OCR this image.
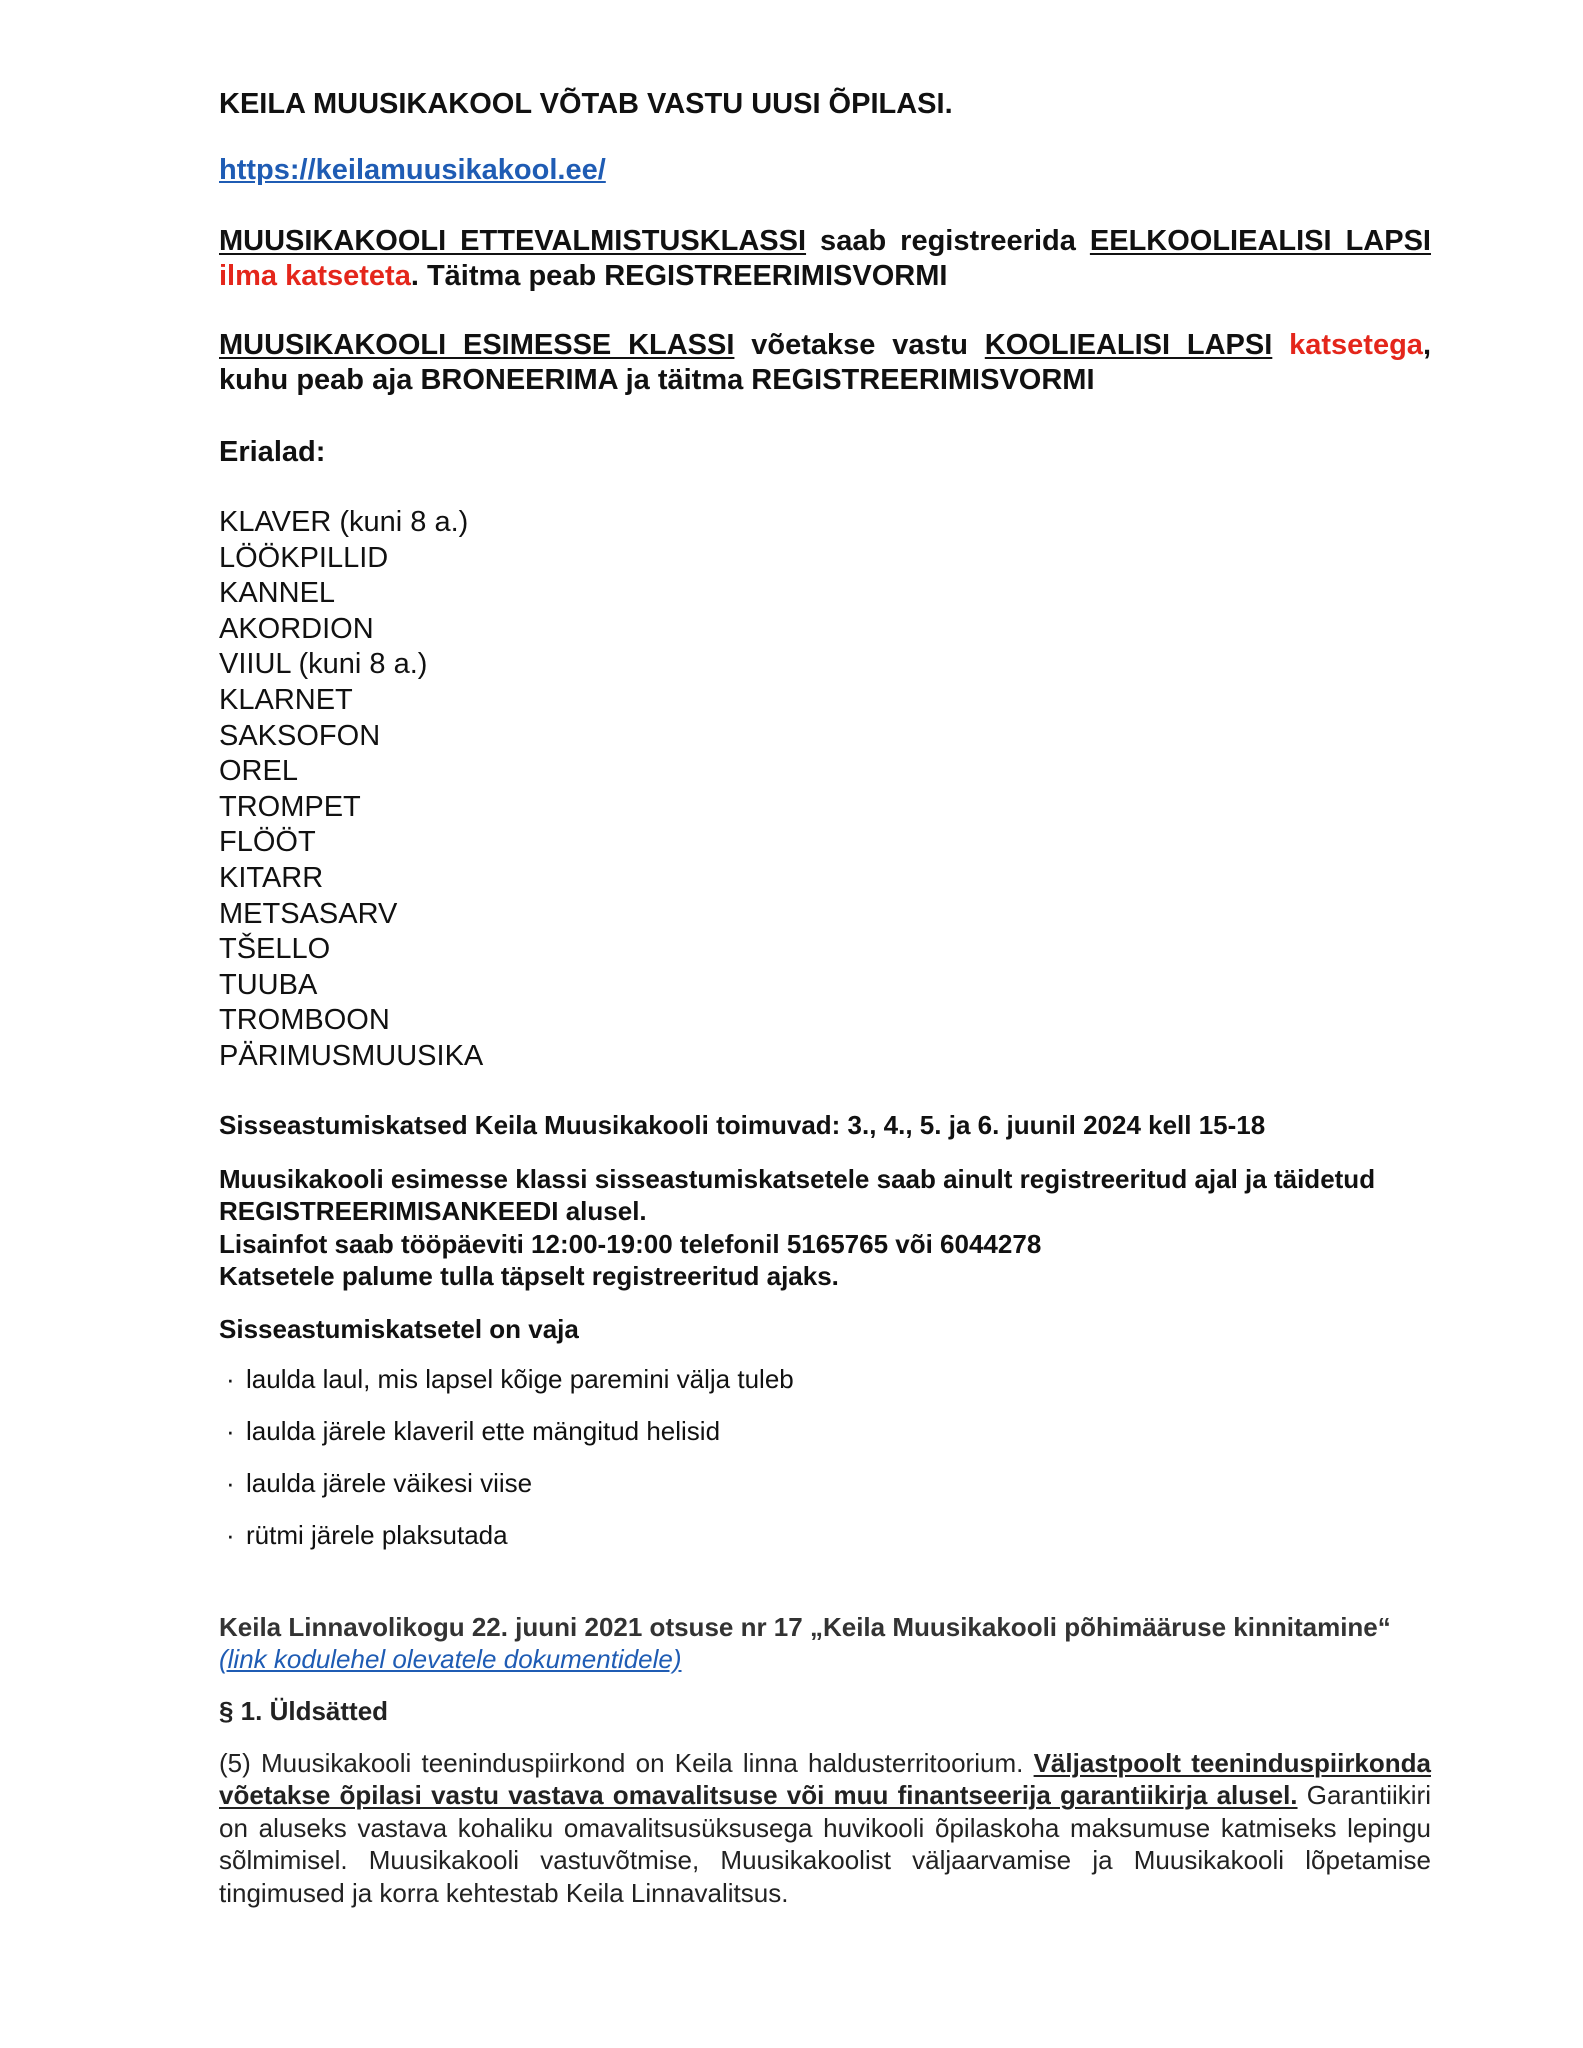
KEILA MUUSIKAKOOL VÕTAB VASTU UUSI ÕPILASI.

https://keilamuusikakool.ee/

MUUSIKAKOOLI ETTEVALMISTUSKLASSI saab registreerida EELKOOLIEALISI LAPSI ilma katseteta. Täitma peab REGISTREERIMISVORMI

MUUSIKAKOOLI ESIMESSE KLASSI võetakse vastu KOOLIEALISI LAPSI katsetega, kuhu peab aja BRONEERIMA ja täitma REGISTREERIMISVORMI

Erialad:

KLAVER (kuni 8 a.)
LÖÖKPILLID
KANNEL
AKORDION
VIIUL (kuni 8 a.)
KLARNET
SAKSOFON
OREL
TROMPET
FLÖÖT
KITARR
METSASARV
TŠELLO
TUUBA
TROMBOON
PÄRIMUSMUUSIKA

Sisseastumiskatsed Keila Muusikakooli toimuvad: 3., 4., 5. ja 6. juunil 2024 kell 15-18

Muusikakooli esimesse klassi sisseastumiskatsetele saab ainult registreeritud ajal ja täidetud REGISTREERIMISANKEEDI alusel.
Lisainfot saab tööpäeviti 12:00-19:00 telefonil 5165765 või 6044278
Katsetele palume tulla täpselt registreeritud ajaks.

Sisseastumiskatsetel on vaja

· laulda laul, mis lapsel kõige paremini välja tuleb
· laulda järele klaveril ette mängitud helisid
· laulda järele väikesi viise
· rütmi järele plaksutada

Keila Linnavolikogu 22. juuni 2021 otsuse nr 17 „Keila Muusikakooli põhimääruse kinnitamine“ (link kodulehel olevatele dokumentidele)

§ 1. Üldsätted

(5) Muusikakooli teeninduspiirkond on Keila linna haldusterritoorium. Väljastpoolt teeninduspiirkonda võetakse õpilasi vastu vastava omavalitsuse või muu finantseerija garantiikirja alusel. Garantiikiri on aluseks vastava kohaliku omavalitsusüksusega huvikooli õpilaskoha maksumuse katmiseks lepingu sõlmimisel. Muusikakooli vastuvõtmise, Muusikakoolist väljaarvamise ja Muusikakooli lõpetamise tingimused ja korra kehtestab Keila Linnavalitsus.
